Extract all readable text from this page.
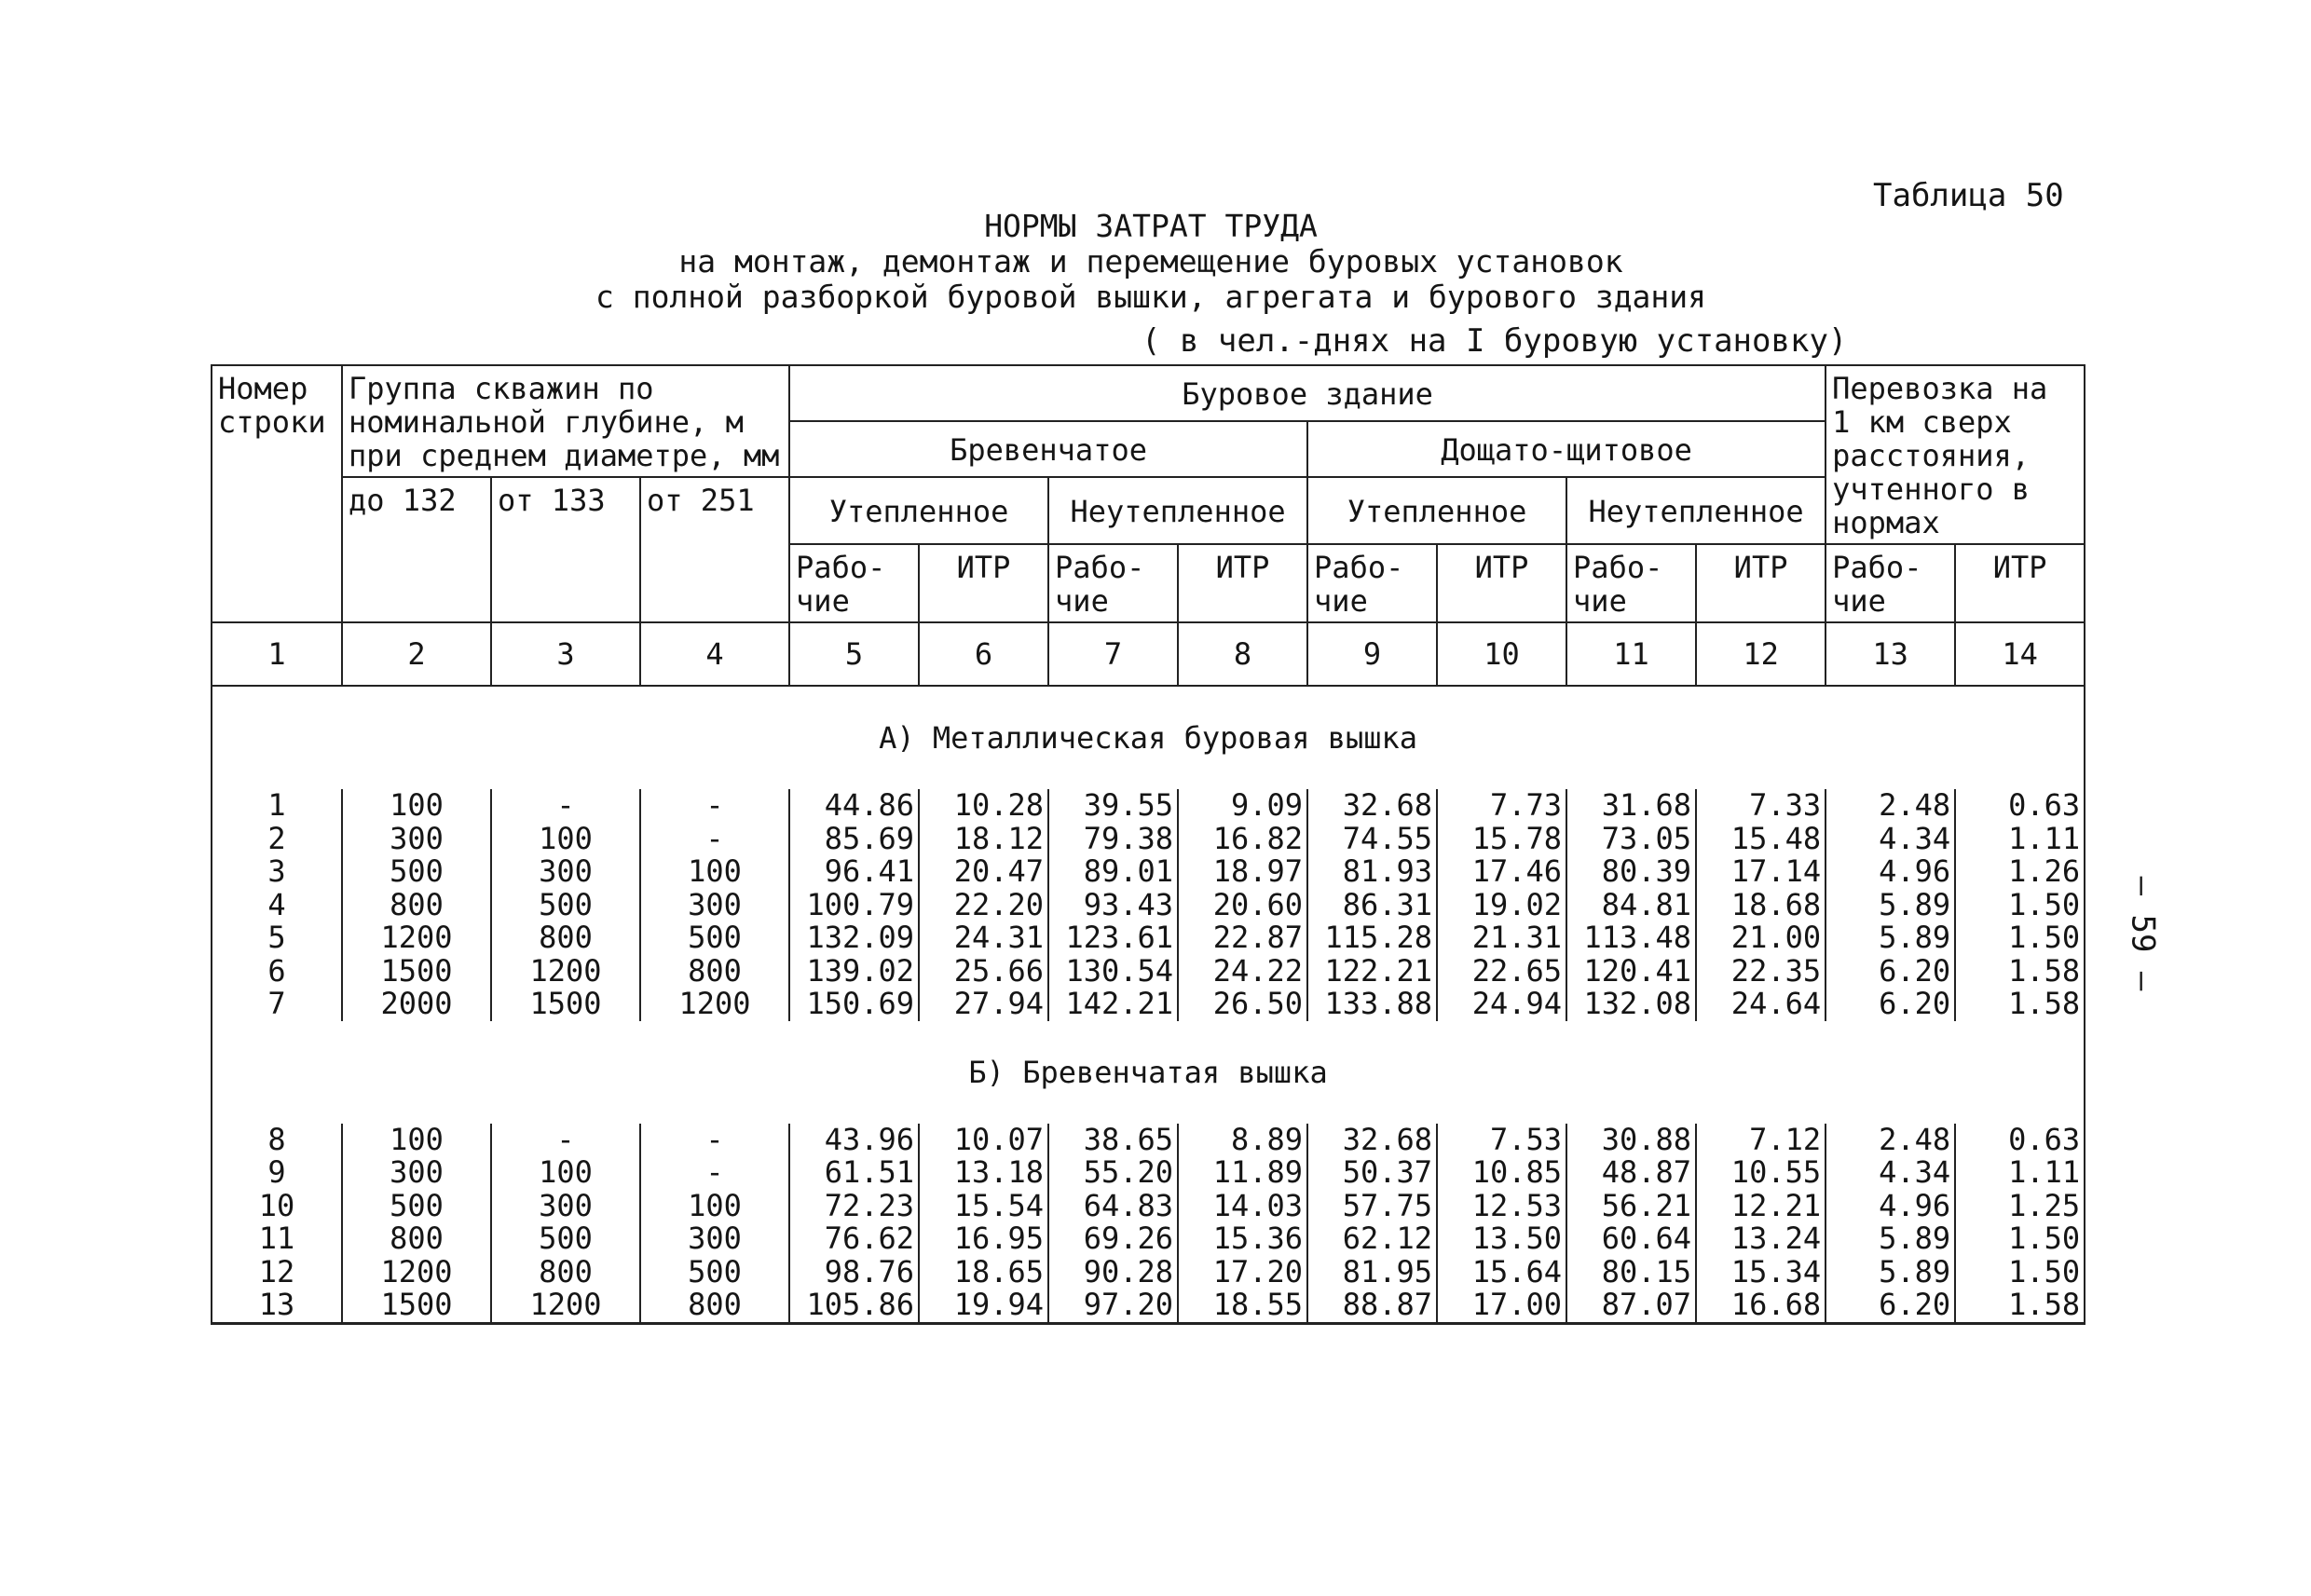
Таблица 50
НОРМЫ ЗАТРАТ ТРУДА
на монтаж, демонтаж и перемещение буровых установок
с полной разборкой буровой вышки, агрегата и бурового здания
( в чел.-днях на I буровую установку)
– 59 –
Номер строки	Группа скважин по номинальной глубине, м при среднем диаметре, мм			Буровое здание								Перевозка на 1 км сверх расстояния, учтенного в нормах	
				Бревенчатое				Дощато-щитовое					
	до 132	от 133	от 251	Утепленное		Неутепленное		Утепленное		Неутепленное			
				Рабо- чие	ИТР	Рабо- чие	ИТР	Рабо- чие	ИТР	Рабо- чие	ИТР	Рабо- чие	ИТР
1	2	3	4	5	6	7	8	9	10	11	12	13	14
А) Металлическая буровая вышка													
1	100	-	-	44.86	10.28	39.55	9.09	32.68	7.73	31.68	7.33	2.48	0.63
2	300	100	-	85.69	18.12	79.38	16.82	74.55	15.78	73.05	15.48	4.34	1.11
3	500	300	100	96.41	20.47	89.01	18.97	81.93	17.46	80.39	17.14	4.96	1.26
4	800	500	300	100.79	22.20	93.43	20.60	86.31	19.02	84.81	18.68	5.89	1.50
5	1200	800	500	132.09	24.31	123.61	22.87	115.28	21.31	113.48	21.00	5.89	1.50
6	1500	1200	800	139.02	25.66	130.54	24.22	122.21	22.65	120.41	22.35	6.20	1.58
7	2000	1500	1200	150.69	27.94	142.21	26.50	133.88	24.94	132.08	24.64	6.20	1.58
Б) Бревенчатая вышка													
8	100	-	-	43.96	10.07	38.65	8.89	32.68	7.53	30.88	7.12	2.48	0.63
9	300	100	-	61.51	13.18	55.20	11.89	50.37	10.85	48.87	10.55	4.34	1.11
10	500	300	100	72.23	15.54	64.83	14.03	57.75	12.53	56.21	12.21	4.96	1.25
11	800	500	300	76.62	16.95	69.26	15.36	62.12	13.50	60.64	13.24	5.89	1.50
12	1200	800	500	98.76	18.65	90.28	17.20	81.95	15.64	80.15	15.34	5.89	1.50
13	1500	1200	800	105.86	19.94	97.20	18.55	88.87	17.00	87.07	16.68	6.20	1.58
